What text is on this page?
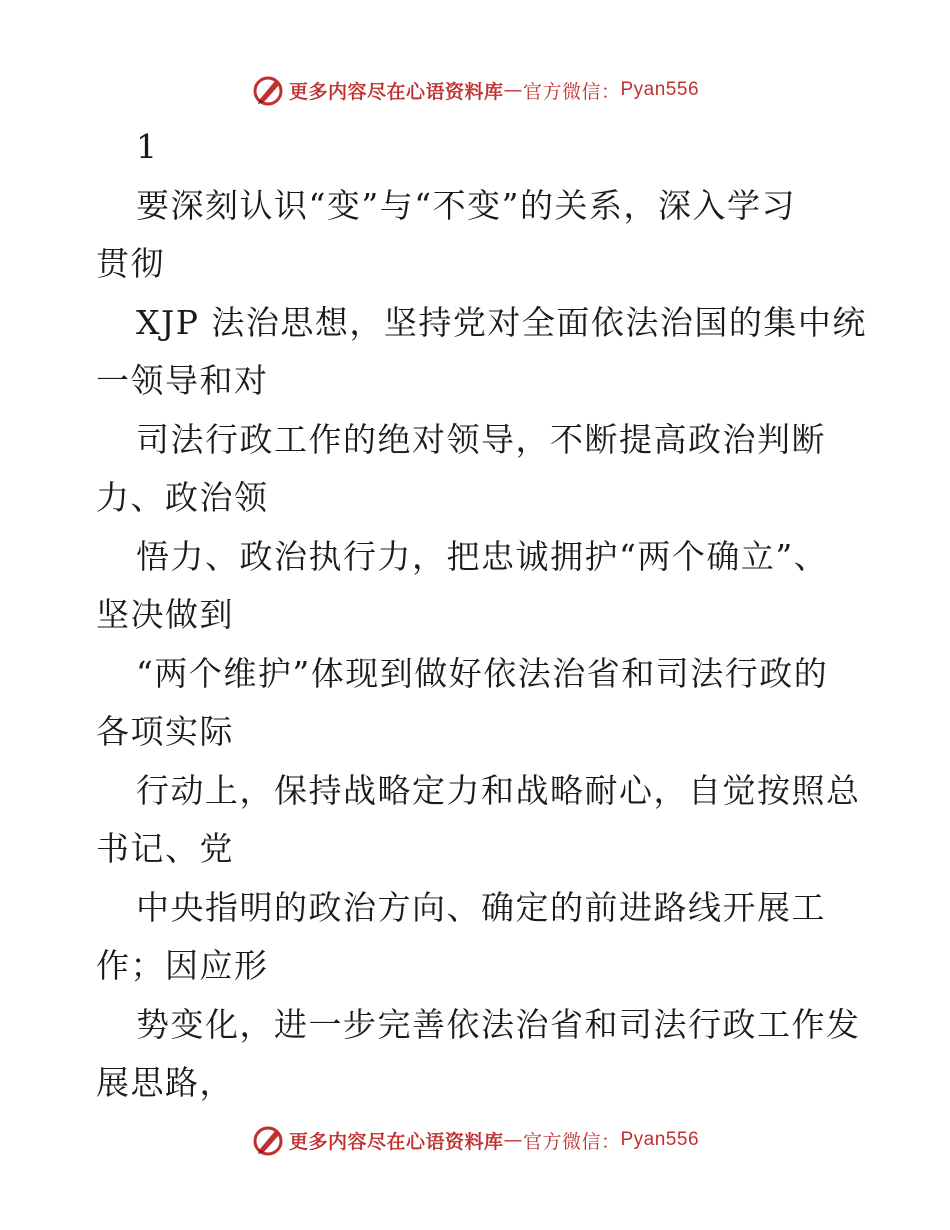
更多内容尽在心语资料库 — 官方微信： Pyan556
1
要深刻认识“变”与“不变”的关系，深入学习
贯彻
XJP 法治思想，坚持党对全面依法治国的集中统
一领导和对
司法行政工作的绝对领导，不断提高政治判断
力、政治领
悟力、政治执行力，把忠诚拥护“两个确立”、
坚决做到
“两个维护”体现到做好依法治省和司法行政的
各项实际
行动上，保持战略定力和战略耐心，自觉按照总
书记、党
中央指明的政治方向、确定的前进路线开展工
作；因应形
势变化，进一步完善依法治省和司法行政工作发
展思路，
更多内容尽在心语资料库 — 官方微信： Pyan556
